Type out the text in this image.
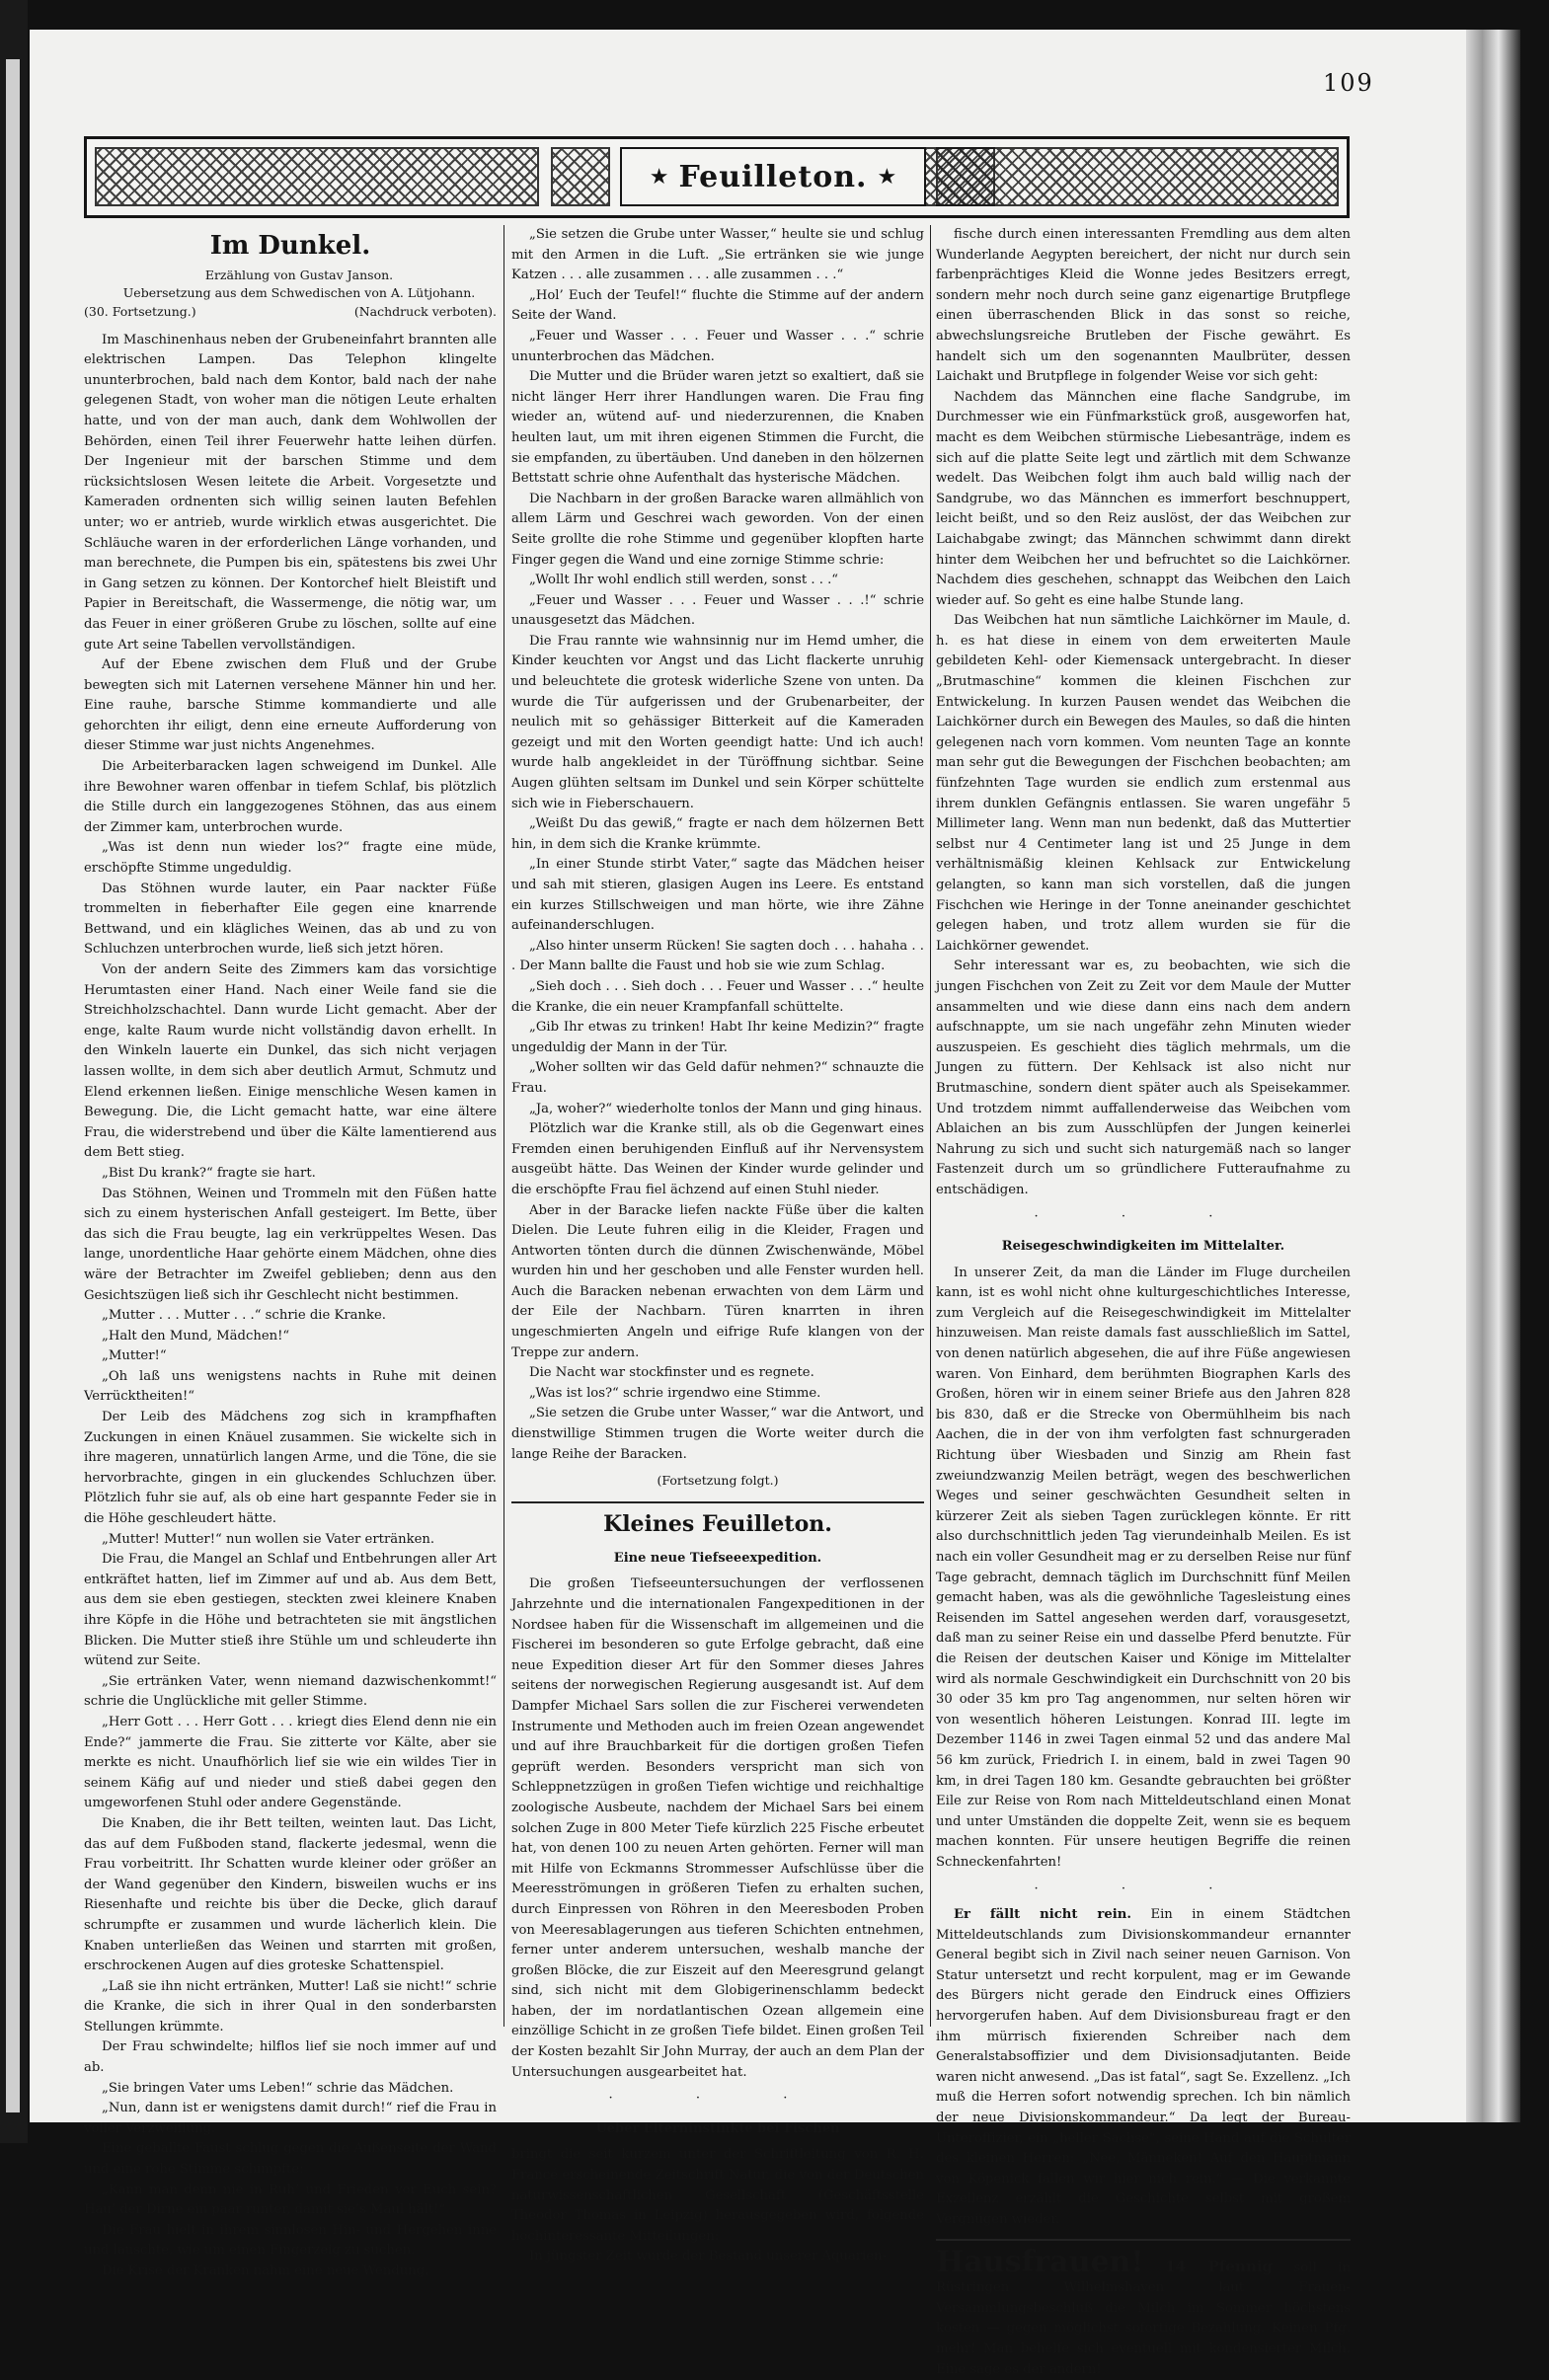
109
★ Feuilleton. ★
Im Dunkel.

Erzählung von Gustav Janson.

Uebersetzung aus dem Schwedischen von A. Lütjohann.

(30. Fortsetzung.)	(Nachdruck verboten).

Im Maschinenhaus neben der Grubeneinfahrt brannten alle elektrischen Lampen. Das Telephon klingelte ununterbrochen, bald nach dem Kontor, bald nach der nahe gelegenen Stadt, von woher man die nötigen Leute erhalten hatte, und von der man auch, dank dem Wohlwollen der Behörden, einen Teil ihrer Feuerwehr hatte leihen dürfen. Der Ingenieur mit der barschen Stimme und dem rücksichtslosen Wesen leitete die Arbeit. Vorgesetzte und Kameraden ordnenten sich willig seinen lauten Befehlen unter; wo er antrieb, wurde wirklich etwas ausgerichtet. Die Schläuche waren in der erforderlichen Länge vorhanden, und man berechnete, die Pumpen bis ein, spätestens bis zwei Uhr in Gang setzen zu können. Der Kontorchef hielt Bleistift und Papier in Bereitschaft, die Wassermenge, die nötig war, um das Feuer in einer größeren Grube zu löschen, sollte auf eine gute Art seine Tabellen vervollständigen.

Auf der Ebene zwischen dem Fluß und der Grube bewegten sich mit Laternen versehene Männer hin und her. Eine rauhe, barsche Stimme kommandierte und alle gehorchten ihr eiligt, denn eine erneute Aufforderung von dieser Stimme war just nichts Angenehmes.

Die Arbeiterbaracken lagen schweigend im Dunkel. Alle ihre Bewohner waren offenbar in tiefem Schlaf, bis plötzlich die Stille durch ein langgezogenes Stöhnen, das aus einem der Zimmer kam, unterbrochen wurde.

„Was ist denn nun wieder los?“ fragte eine müde, erschöpfte Stimme ungeduldig.

Das Stöhnen wurde lauter, ein Paar nackter Füße trommelten in fieberhafter Eile gegen eine knarrende Bettwand, und ein klägliches Weinen, das ab und zu von Schluchzen unterbrochen wurde, ließ sich jetzt hören.

Von der andern Seite des Zimmers kam das vorsichtige Herumtasten einer Hand. Nach einer Weile fand sie die Streichholzschachtel. Dann wurde Licht gemacht. Aber der enge, kalte Raum wurde nicht vollständig davon erhellt. In den Winkeln lauerte ein Dunkel, das sich nicht verjagen lassen wollte, in dem sich aber deutlich Armut, Schmutz und Elend erkennen ließen. Einige menschliche Wesen kamen in Bewegung. Die, die Licht gemacht hatte, war eine ältere Frau, die widerstrebend und über die Kälte lamentierend aus dem Bett stieg.

„Bist Du krank?“ fragte sie hart.

Das Stöhnen, Weinen und Trommeln mit den Füßen hatte sich zu einem hysterischen Anfall gesteigert. Im Bette, über das sich die Frau beugte, lag ein verkrüppeltes Wesen. Das lange, unordentliche Haar gehörte einem Mädchen, ohne dies wäre der Betrachter im Zweifel geblieben; denn aus den Gesichtszügen ließ sich ihr Geschlecht nicht bestimmen.

„Mutter . . . Mutter . . .“ schrie die Kranke.

„Halt den Mund, Mädchen!“

„Mutter!“

„Oh laß uns wenigstens nachts in Ruhe mit deinen Verrücktheiten!“

Der Leib des Mädchens zog sich in krampfhaften Zuckungen in einen Knäuel zusammen. Sie wickelte sich in ihre mageren, unnatürlich langen Arme, und die Töne, die sie hervorbrachte, gingen in ein gluckendes Schluchzen über. Plötzlich fuhr sie auf, als ob eine hart gespannte Feder sie in die Höhe geschleudert hätte.

„Mutter! Mutter!“ nun wollen sie Vater ertränken.

Die Frau, die Mangel an Schlaf und Entbehrungen aller Art entkräftet hatten, lief im Zimmer auf und ab. Aus dem Bett, aus dem sie eben gestiegen, steckten zwei kleinere Knaben ihre Köpfe in die Höhe und betrachteten sie mit ängstlichen Blicken. Die Mutter stieß ihre Stühle um und schleuderte ihn wütend zur Seite.

„Sie ertränken Vater, wenn niemand dazwischenkommt!“ schrie die Unglückliche mit geller Stimme.

„Herr Gott . . . Herr Gott . . . kriegt dies Elend denn nie ein Ende?“ jammerte die Frau. Sie zitterte vor Kälte, aber sie merkte es nicht. Unaufhörlich lief sie wie ein wildes Tier in seinem Käfig auf und nieder und stieß dabei gegen den umgeworfenen Stuhl oder andere Gegenstände.

Die Knaben, die ihr Bett teilten, weinten laut. Das Licht, das auf dem Fußboden stand, flackerte jedesmal, wenn die Frau vorbeitritt. Ihr Schatten wurde kleiner oder größer an der Wand gegenüber den Kindern, bisweilen wuchs er ins Riesenhafte und reichte bis über die Decke, glich darauf schrumpfte er zusammen und wurde lächerlich klein. Die Knaben unterließen das Weinen und starrten mit großen, erschrockenen Augen auf dies groteske Schattenspiel.

„Laß sie ihn nicht ertränken, Mutter! Laß sie nicht!“ schrie die Kranke, die sich in ihrer Qual in den sonderbarsten Stellungen krümmte.

Der Frau schwindelte; hilflos lief sie noch immer auf und ab.

„Sie bringen Vater ums Leben!“ schrie das Mädchen.

„Nun, dann ist er wenigstens damit durch!“ rief die Frau in voller Verzweiflung.

Eine geballte Faust schlug gegen die Außenseite der Wand und eine rohe Stimme schimpfte:

„Kann man denn nie in Ruh’ und Frieden vor Euch sein? Hau’ der Dirne ein paar runter, damit sie’s Maul hält!“

Die Frau hielt in ihrem sinnlosen Hin- und Hergehen inne und lauschte, wie um einen Fingerzeig zu suchen.

Die Krise der Kranken nahm eine neue Wendung.

„Sie setzen die Grube unter Wasser,“ heulte sie und schlug mit den Armen in die Luft. „Sie ertränken sie wie junge Katzen . . . alle zusammen . . . alle zusammen . . .“

„Hol’ Euch der Teufel!“ fluchte die Stimme auf der andern Seite der Wand.

„Feuer und Wasser . . . Feuer und Wasser . . .“ schrie ununterbrochen das Mädchen.

Die Mutter und die Brüder waren jetzt so exaltiert, daß sie nicht länger Herr ihrer Handlungen waren. Die Frau fing wieder an, wütend auf- und niederzurennen, die Knaben heulten laut, um mit ihren eigenen Stimmen die Furcht, die sie empfanden, zu übertäuben. Und daneben in den hölzernen Bettstatt schrie ohne Aufenthalt das hysterische Mädchen.

Die Nachbarn in der großen Baracke waren allmählich von allem Lärm und Geschrei wach geworden. Von der einen Seite grollte die rohe Stimme und gegenüber klopften harte Finger gegen die Wand und eine zornige Stimme schrie:

„Wollt Ihr wohl endlich still werden, sonst . . .“

„Feuer und Wasser . . . Feuer und Wasser . . .!“ schrie unausgesetzt das Mädchen.

Die Frau rannte wie wahnsinnig nur im Hemd umher, die Kinder keuchten vor Angst und das Licht flackerte unruhig und beleuchtete die grotesk widerliche Szene von unten. Da wurde die Tür aufgerissen und der Grubenarbeiter, der neulich mit so gehässiger Bitterkeit auf die Kameraden gezeigt und mit den Worten geendigt hatte: Und ich auch! wurde halb angekleidet in der Türöffnung sichtbar. Seine Augen glühten seltsam im Dunkel und sein Körper schüttelte sich wie in Fieberschauern.

„Weißt Du das gewiß,“ fragte er nach dem hölzernen Bett hin, in dem sich die Kranke krümmte.

„In einer Stunde stirbt Vater,“ sagte das Mädchen heiser und sah mit stieren, glasigen Augen ins Leere. Es entstand ein kurzes Stillschweigen und man hörte, wie ihre Zähne aufeinanderschlugen.

„Also hinter unserm Rücken! Sie sagten doch . . . hahaha . . . Der Mann ballte die Faust und hob sie wie zum Schlag.

„Sieh doch . . . Sieh doch . . . Feuer und Wasser . . .“ heulte die Kranke, die ein neuer Krampfanfall schüttelte.

„Gib Ihr etwas zu trinken! Habt Ihr keine Medizin?“ fragte ungeduldig der Mann in der Tür.

„Woher sollten wir das Geld dafür nehmen?“ schnauzte die Frau.

„Ja, woher?“ wiederholte tonlos der Mann und ging hinaus.

Plötzlich war die Kranke still, als ob die Gegenwart eines Fremden einen beruhigenden Einfluß auf ihr Nervensystem ausgeübt hätte. Das Weinen der Kinder wurde gelinder und die erschöpfte Frau fiel ächzend auf einen Stuhl nieder.

Aber in der Baracke liefen nackte Füße über die kalten Dielen. Die Leute fuhren eilig in die Kleider, Fragen und Antworten tönten durch die dünnen Zwischenwände, Möbel wurden hin und her geschoben und alle Fenster wurden hell. Auch die Baracken nebenan erwachten von dem Lärm und der Eile der Nachbarn. Türen knarrten in ihren ungeschmierten Angeln und eifrige Rufe klangen von der Treppe zur andern.

Die Nacht war stockfinster und es regnete.

„Was ist los?“ schrie irgendwo eine Stimme.

„Sie setzen die Grube unter Wasser,“ war die Antwort, und dienstwillige Stimmen trugen die Worte weiter durch die lange Reihe der Baracken.

(Fortsetzung folgt.)
Kleines Feuilleton.
Eine neue Tiefseeexpedition.

Die großen Tiefseeuntersuchungen der verflossenen Jahrzehnte und die internationalen Fangexpeditionen in der Nordsee haben für die Wissenschaft im allgemeinen und die Fischerei im besonderen so gute Erfolge gebracht, daß eine neue Expedition dieser Art für den Sommer dieses Jahres seitens der norwegischen Regierung ausgesandt ist. Auf dem Dampfer Michael Sars sollen die zur Fischerei verwendeten Instrumente und Methoden auch im freien Ozean angewendet und auf ihre Brauchbarkeit für die dortigen großen Tiefen geprüft werden. Besonders verspricht man sich von Schleppnetzzügen in großen Tiefen wichtige und reichhaltige zoologische Ausbeute, nachdem der Michael Sars bei einem solchen Zuge in 800 Meter Tiefe kürzlich 225 Fische erbeutet hat, von denen 100 zu neuen Arten gehörten. Ferner will man mit Hilfe von Eckmanns Strommesser Aufschlüsse über die Meeresströmungen in größeren Tiefen zu erhalten suchen, durch Einpressen von Röhren in den Meeresboden Proben von Meeresablagerungen aus tieferen Schichten entnehmen, ferner unter anderem untersuchen, weshalb manche der großen Blöcke, die zur Eiszeit auf den Meeresgrund gelangt sind, sich nicht mit dem Globigerinenschlamm bedeckt haben, der im nordatlantischen Ozean allgemein eine einzöllige Schicht in ze großen Tiefe bildet. Einen großen Teil der Kosten bezahlt Sir John Murray, der auch an dem Plan der Untersuchungen ausgearbeitet hat.

· · ·
Ueber Elterninstinkte bei Fischen

bringt die seit kurzem unter der Schriftleitung von R. H. Francé erscheinende Zeitschrift Natur, die von der Deutschen naturwissenschaftlichen Gesellschaft (Geschäftsstelle Theodor Thomas in Leipzig) herausgegeben wird, folgende hochinteressante Mitteilungen:

In jüngster Zeit wurde der Bestand unserer Aquarien-

fische durch einen interessanten Fremdling aus dem alten Wunderlande Aegypten bereichert, der nicht nur durch sein farbenprächtiges Kleid die Wonne jedes Besitzers erregt, sondern mehr noch durch seine ganz eigenartige Brutpflege einen überraschenden Blick in das sonst so reiche, abwechslungsreiche Brutleben der Fische gewährt. Es handelt sich um den sogenannten Maulbrüter, dessen Laichakt und Brutpflege in folgender Weise vor sich geht:

Nachdem das Männchen eine flache Sandgrube, im Durchmesser wie ein Fünfmarkstück groß, ausgeworfen hat, macht es dem Weibchen stürmische Liebesanträge, indem es sich auf die platte Seite legt und zärtlich mit dem Schwanze wedelt. Das Weibchen folgt ihm auch bald willig nach der Sandgrube, wo das Männchen es immerfort beschnuppert, leicht beißt, und so den Reiz auslöst, der das Weibchen zur Laichabgabe zwingt; das Männchen schwimmt dann direkt hinter dem Weibchen her und befruchtet so die Laichkörner. Nachdem dies geschehen, schnappt das Weibchen den Laich wieder auf. So geht es eine halbe Stunde lang.

Das Weibchen hat nun sämtliche Laichkörner im Maule, d. h. es hat diese in einem von dem erweiterten Maule gebildeten Kehl- oder Kiemensack untergebracht. In dieser „Brutmaschine“ kommen die kleinen Fischchen zur Entwickelung. In kurzen Pausen wendet das Weibchen die Laichkörner durch ein Bewegen des Maules, so daß die hinten gelegenen nach vorn kommen. Vom neunten Tage an konnte man sehr gut die Bewegungen der Fischchen beobachten; am fünfzehnten Tage wurden sie endlich zum erstenmal aus ihrem dunklen Gefängnis entlassen. Sie waren ungefähr 5 Millimeter lang. Wenn man nun bedenkt, daß das Muttertier selbst nur 4 Centimeter lang ist und 25 Junge in dem verhältnismäßig kleinen Kehlsack zur Entwickelung gelangten, so kann man sich vorstellen, daß die jungen Fischchen wie Heringe in der Tonne aneinander geschichtet gelegen haben, und trotz allem wurden sie für die Laichkörner gewendet.

Sehr interessant war es, zu beobachten, wie sich die jungen Fischchen von Zeit zu Zeit vor dem Maule der Mutter ansammelten und wie diese dann eins nach dem andern aufschnappte, um sie nach ungefähr zehn Minuten wieder auszuspeien. Es geschieht dies täglich mehrmals, um die Jungen zu füttern. Der Kehlsack ist also nicht nur Brutmaschine, sondern dient später auch als Speisekammer. Und trotzdem nimmt auffallenderweise das Weibchen vom Ablaichen an bis zum Ausschlüpfen der Jungen keinerlei Nahrung zu sich und sucht sich naturgemäß nach so langer Fastenzeit durch um so gründlichere Futteraufnahme zu entschädigen.

· · ·
Reisegeschwindigkeiten im Mittelalter.

In unserer Zeit, da man die Länder im Fluge durcheilen kann, ist es wohl nicht ohne kulturgeschichtliches Interesse, zum Vergleich auf die Reisegeschwindigkeit im Mittelalter hinzuweisen. Man reiste damals fast ausschließlich im Sattel, von denen natürlich abgesehen, die auf ihre Füße angewiesen waren. Von Einhard, dem berühmten Biographen Karls des Großen, hören wir in einem seiner Briefe aus den Jahren 828 bis 830, daß er die Strecke von Obermühlheim bis nach Aachen, die in der von ihm verfolgten fast schnurgeraden Richtung über Wiesbaden und Sinzig am Rhein fast zweiundzwanzig Meilen beträgt, wegen des beschwerlichen Weges und seiner geschwächten Gesundheit selten in kürzerer Zeit als sieben Tagen zurücklegen könnte. Er ritt also durchschnittlich jeden Tag vierundeinhalb Meilen. Es ist nach ein voller Gesundheit mag er zu derselben Reise nur fünf Tage gebracht, demnach täglich im Durchschnitt fünf Meilen gemacht haben, was als die gewöhnliche Tagesleistung eines Reisenden im Sattel angesehen werden darf, vorausgesetzt, daß man zu seiner Reise ein und dasselbe Pferd benutzte. Für die Reisen der deutschen Kaiser und Könige im Mittelalter wird als normale Geschwindigkeit ein Durchschnitt von 20 bis 30 oder 35 km pro Tag angenommen, nur selten hören wir von wesentlich höheren Leistungen. Konrad III. legte im Dezember 1146 in zwei Tagen einmal 52 und das andere Mal 56 km zurück, Friedrich I. in einem, bald in zwei Tagen 90 km, in drei Tagen 180 km. Gesandte gebrauchten bei größter Eile zur Reise von Rom nach Mitteldeutschland einen Monat und unter Umständen die doppelte Zeit, wenn sie es bequem machen konnten. Für unsere heutigen Begriffe die reinen Schneckenfahrten!

· · ·

Er fällt nicht rein. Ein in einem Städtchen Mitteldeutschlands zum Divisionskommandeur ernannter General begibt sich in Zivil nach seiner neuen Garnison. Von Statur untersetzt und recht korpulent, mag er im Gewande des Bürgers nicht gerade den Eindruck eines Offiziers hervorgerufen haben. Auf dem Divisionsbureau fragt er den ihm mürrisch fixierenden Schreiber nach dem Generalstabsoffizier und dem Divisionsadjutanten. Beide waren nicht anwesend. „Das ist fatal“, sagt Se. Exzellenz. „Ich muß die Herren sofort notwendig sprechen. Ich bin nämlich der neue Divisionskommandeur.“ Da legt der Bureau-Unteroffizier, ein „heller Sachse“, seine Hand auf die Schulter des kleinen Herren: „Nee, Männeken! Auf den Hauptmann von Köpenick fallen wir hier nich rein.“ — Die verkannte Exzellenz erzählt die Geschichte selbst mit großem Vergnügen wieder.

Hausfrauen! 14 Pfennig soll in Rüstringen Wilhelmshaven laut Frauen-Versammlungsbeschluß die Milch im Sommer höchstens kosten — gegen möglichst sofortige Bezahlung. Keinen Pfg. mehr! Man behelfe sich eventuell mit kondensierter Milch. Eine sage es der andern!
